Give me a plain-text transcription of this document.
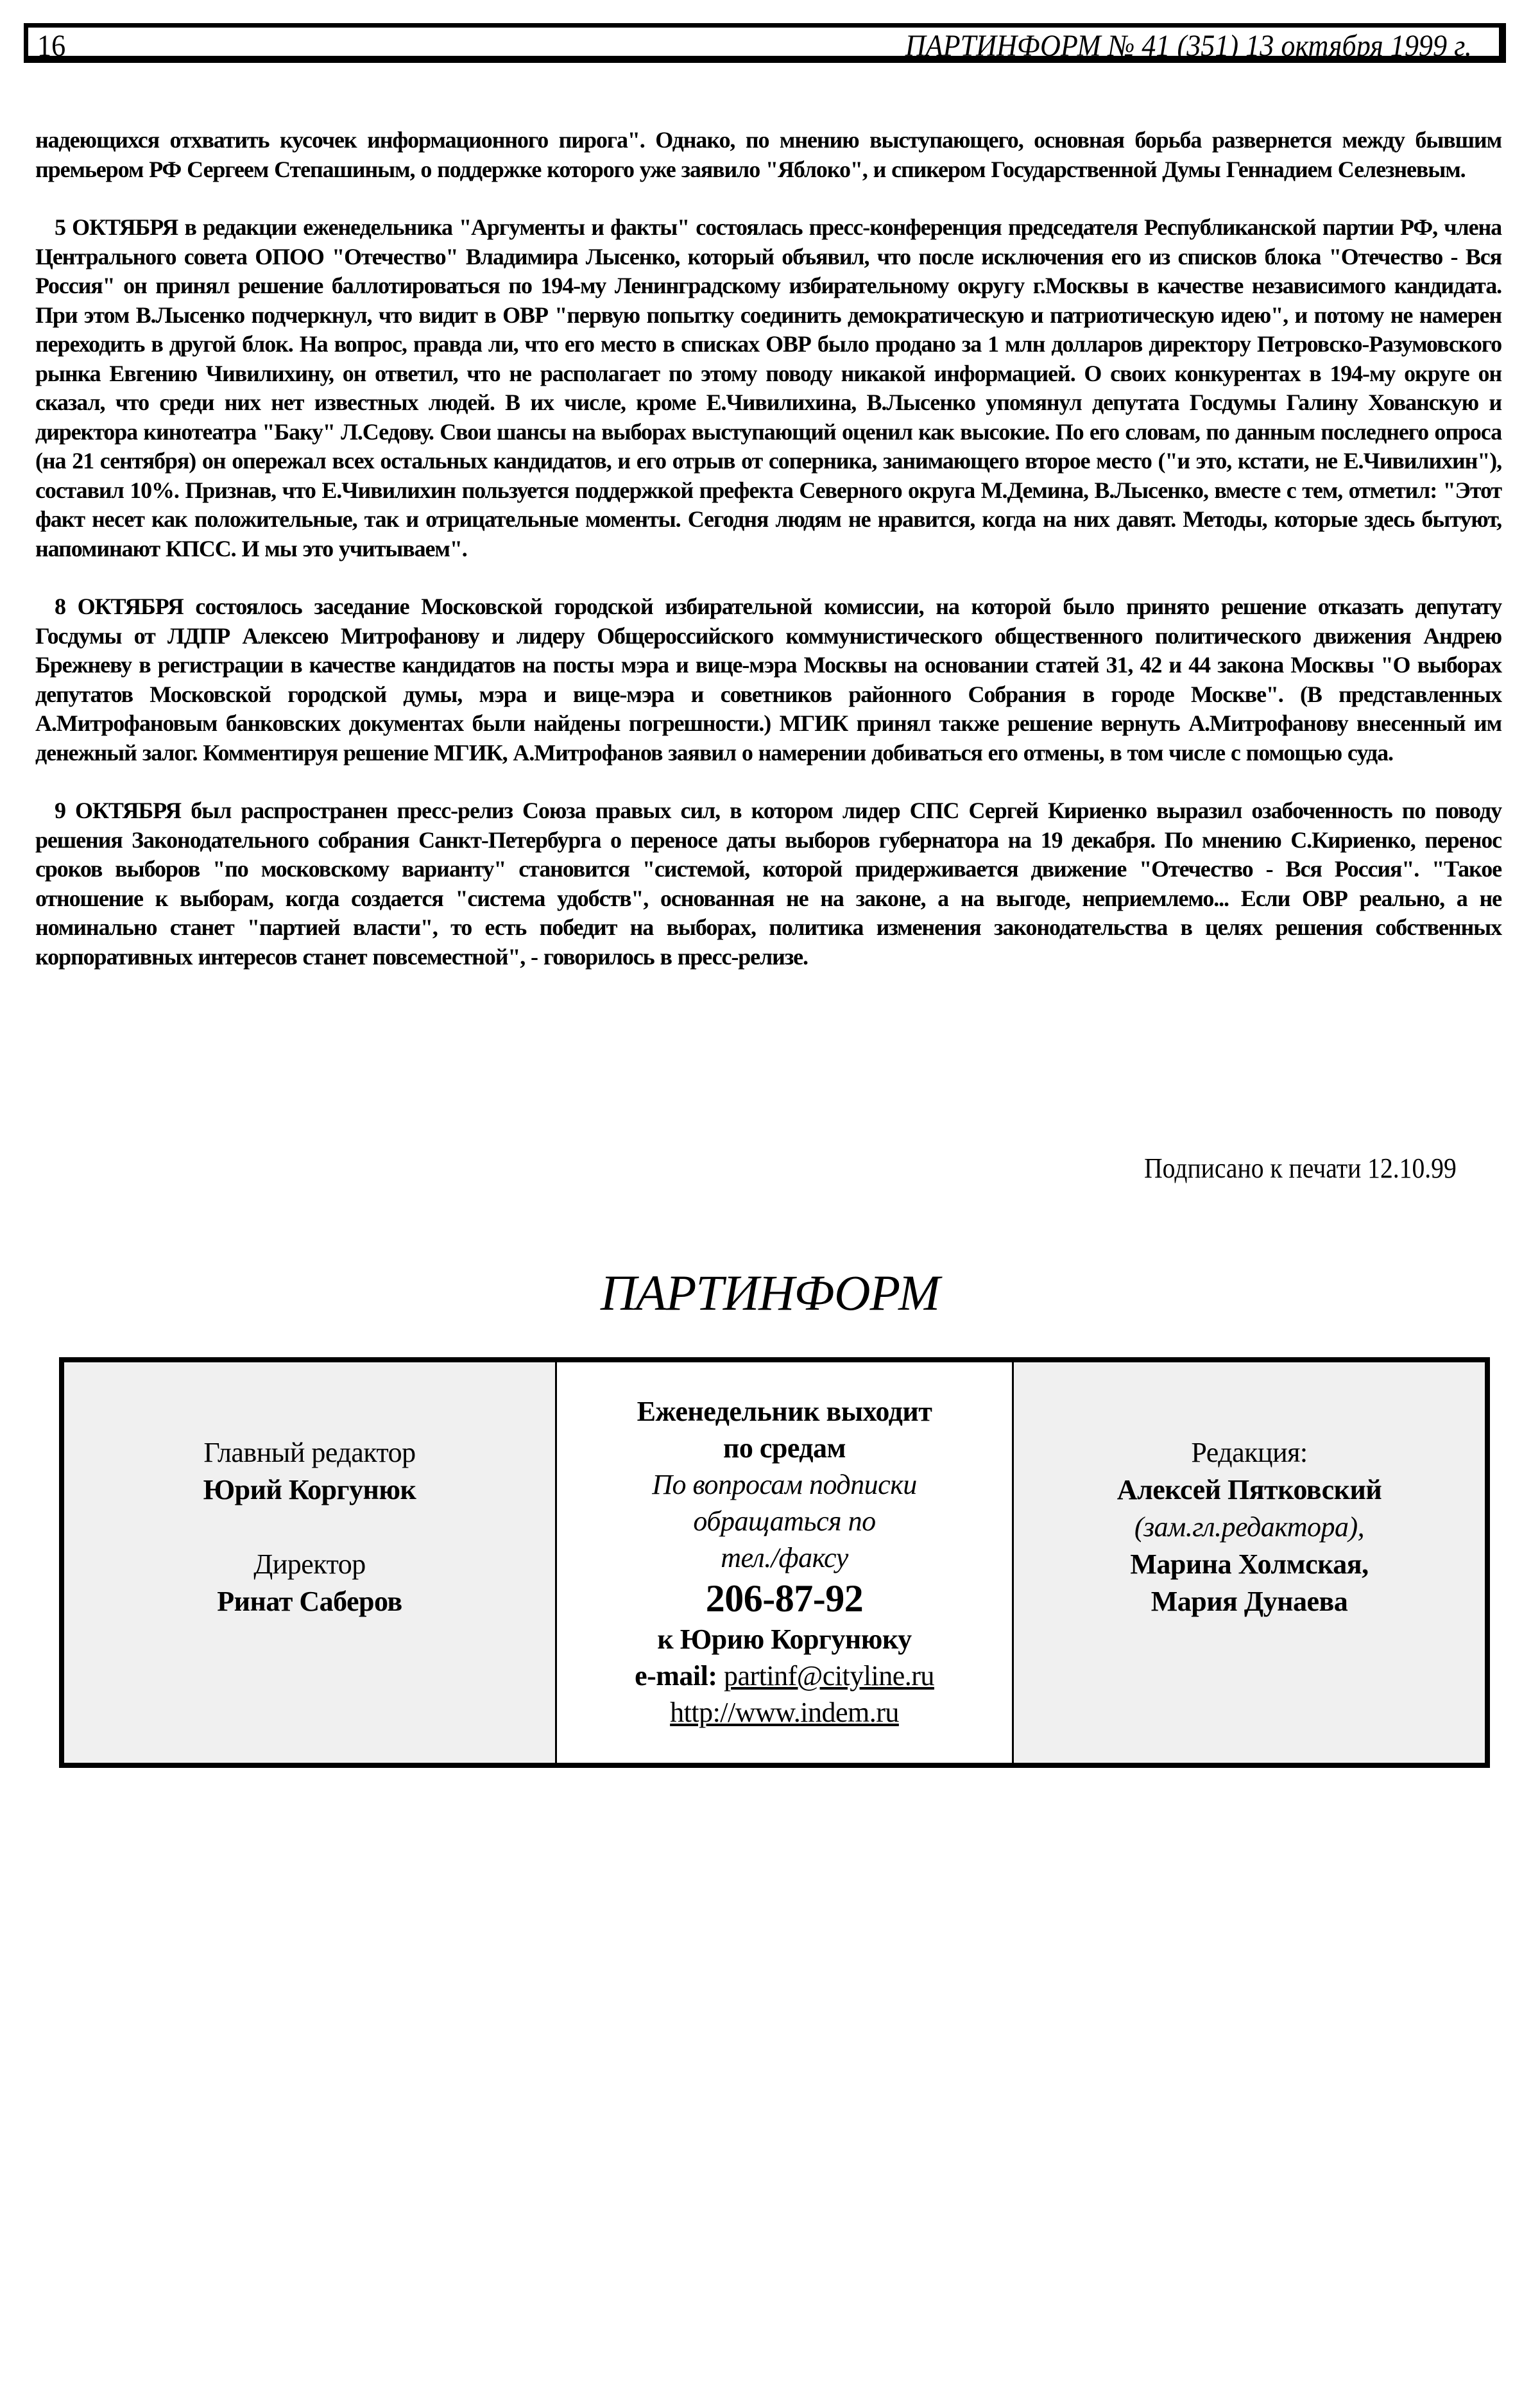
16	ПАРТИНФОРМ № 41 (351) 13 октября 1999 г.

надеющихся отхватить кусочек информационного пирога". Однако, по мнению выступающего, основная борьба развернется между бывшим премьером РФ Сергеем Степашиным, о поддержке которого уже заявило "Яблоко", и спикером Государственной Думы Геннадием Селезневым.

5 ОКТЯБРЯ в редакции еженедельника "Аргументы и факты" состоялась пресс-конференция председателя Республиканской партии РФ, члена Центрального совета ОПОО "Отечество" Владимира Лысенко, который объявил, что после исключения его из списков блока "Отечество - Вся Россия" он принял решение баллотироваться по 194-му Ленинградскому избирательному округу г.Москвы в качестве независимого кандидата. При этом В.Лысенко подчеркнул, что видит в ОВР "первую попытку соединить демократическую и патриотическую идею", и потому не намерен переходить в другой блок. На вопрос, правда ли, что его место в списках ОВР было продано за 1 млн долларов директору Петровско-Разумовского рынка Евгению Чивилихину, он ответил, что не располагает по этому поводу никакой информацией. О своих конкурентах в 194-му округе он сказал, что среди них нет известных людей. В их числе, кроме Е.Чивилихина, В.Лысенко упомянул депутата Госдумы Галину Хованскую и директора кинотеатра "Баку" Л.Седову. Свои шансы на выборах выступающий оценил как высокие. По его словам, по данным последнего опроса (на 21 сентября) он опережал всех остальных кандидатов, и его отрыв от соперника, занимающего второе место ("и это, кстати, не Е.Чивилихин"), составил 10%. Признав, что Е.Чивилихин пользуется поддержкой префекта Северного округа М.Демина, В.Лысенко, вместе с тем, отметил: "Этот факт несет как положительные, так и отрицательные моменты. Сегодня людям не нравится, когда на них давят. Методы, которые здесь бытуют, напоминают КПСС. И мы это учитываем".

8 ОКТЯБРЯ состоялось заседание Московской городской избирательной комиссии, на которой было принято решение отказать депутату Госдумы от ЛДПР Алексею Митрофанову и лидеру Общероссийского коммунистического общественного политического движения Андрею Брежневу в регистрации в качестве кандидатов на посты мэра и вице-мэра Москвы на основании статей 31, 42 и 44 закона Москвы "О выборах депутатов Московской городской думы, мэра и вице-мэра и советников районного Собрания в городе Москве". (В представленных А.Митрофановым банковских документах были найдены погрешности.) МГИК принял также решение вернуть А.Митрофанову внесенный им денежный залог. Комментируя решение МГИК, А.Митрофанов заявил о намерении добиваться его отмены, в том числе с помощью суда.

9 ОКТЯБРЯ был распространен пресс-релиз Союза правых сил, в котором лидер СПС Сергей Кириенко выразил озабоченность по поводу решения Законодательного собрания Санкт-Петербурга о переносе даты выборов губернатора на 19 декабря. По мнению С.Кириенко, перенос сроков выборов "по московскому варианту" становится "системой, которой придерживается движение "Отечество - Вся Россия". "Такое отношение к выборам, когда создается "система удобств", основанная не на законе, а на выгоде, неприемлемо... Если ОВР реально, а не номинально станет "партией власти", то есть победит на выборах, политика изменения законодательства в целях решения собственных корпоративных интересов станет повсеместной", - говорилось в пресс-релизе.

Подписано к печати 12.10.99
ПАРТИНФОРМ
Главный редактор
Юрий Коргунюк
Директор
Ринат Саберов
Еженедельник выходит
по средам
По вопросам подписки
обращаться по
тел./факсу
206-87-92
к Юрию Коргунюку
e-mail: partinf@cityline.ru
http://www.indem.ru
Редакция:
Алексей Пятковский
(зам.гл.редактора),
Марина Холмская,
Мария Дунаева
